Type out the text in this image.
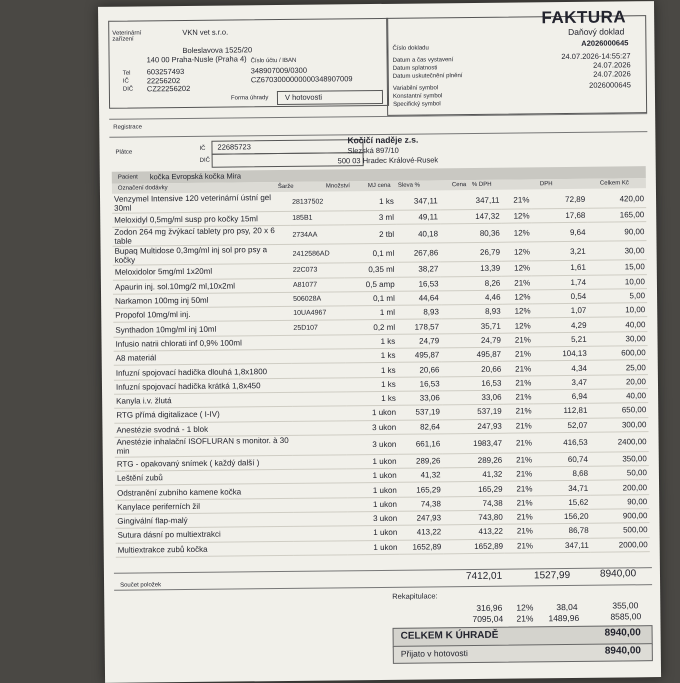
FAKTURA
Daňový doklad
A2026000645
Veterinární zařízení
VKN vet s.r.o.
Boleslavova 1525/20
140 00 Praha-Nusle (Praha 4)
Tel 603257493
IČ 22256202
DIČ CZ22256202
Číslo účtu / IBAN
348907009/0300
CZ6703000000000348907009
Forma úhrady V hotovosti
Číslo dokladu
Datum a čas vystavení	24.07.2026-14:55:27
Datum splatnosti	24.07.2026
Datum uskutečnění plnění	24.07.2026
Variabilní symbol	2026000645
Konstantní symbol
Specifický symbol
Registrace
Plátce
IČ 22685723
DIČ
Kočičí naděje z.s.
Slezská 897/10
500 03 Hradec Králové-Rusek
Pacient kočka Evropská kočka Mira
Označení dodávky	Šarže	Množství	MJ cena Sleva %	Cena % DPH	DPH	Celkem Kč
Venzymel Intensive 120 veterinární ústní gel 30ml	28137502	1 ks	347,11	347,11	21%	72,89	420,00
Meloxidyl 0,5mg/ml susp pro kočky 15ml	185B1	3 ml	49,11	147,32	12%	17,68	165,00
Zodon 264 mg žvýkací tablety pro psy, 20 x 6 table	2734AA	2 tbl	40,18	80,36	12%	9,64	90,00
Bupaq Multidose 0,3mg/ml inj sol pro psy a kočky	2412586AD	0,1 ml	267,86	26,79	12%	3,21	30,00
Meloxidolor 5mg/ml 1x20ml	22C073	0,35 ml	38,27	13,39	12%	1,61	15,00
Apaurin inj. sol.10mg/2 ml,10x2ml	A81077	0,5 amp	16,53	8,26	21%	1,74	10,00
Narkamon 100mg inj 50ml	506028A	0,1 ml	44,64	4,46	12%	0,54	5,00
Propofol 10mg/ml inj.	10UA4967	1 ml	8,93	8,93	12%	1,07	10,00
Synthadon 10mg/ml inj 10ml	25D107	0,2 ml	178,57	35,71	12%	4,29	40,00
Infusio natrii chlorati inf 0,9% 100ml		1 ks	24,79	24,79	21%	5,21	30,00
A8 materiál		1 ks	495,87	495,87	21%	104,13	600,00
Infuzní spojovací hadička dlouhá 1,8x1800		1 ks	20,66	20,66	21%	4,34	25,00
Infuzní spojovací hadička krátká 1,8x450		1 ks	16,53	16,53	21%	3,47	20,00
Kanyla i.v. žlutá		1 ks	33,06	33,06	21%	6,94	40,00
RTG přímá digitalizace ( I-IV)		1 ukon	537,19	537,19	21%	112,81	650,00
Anestézie svodná - 1 blok		3 ukon	82,64	247,93	21%	52,07	300,00
Anestézie inhalační ISOFLURAN s monitor. à 30 min		3 ukon	661,16	1983,47	21%	416,53	2400,00
RTG - opakovaný snímek ( každý další )		1 ukon	289,26	289,26	21%	60,74	350,00
Leštění zubů		1 ukon	41,32	41,32	21%	8,68	50,00
Odstranění zubního kamene kočka		1 ukon	165,29	165,29	21%	34,71	200,00
Kanylace periferních žil		1 ukon	74,38	74,38	21%	15,62	90,00
Gingivální flap-malý		3 ukon	247,93	743,80	21%	156,20	900,00
Sutura dásní po multiextrakci		1 ukon	413,22	413,22	21%	86,78	500,00
Multiextrakce zubů kočka		1 ukon	1652,89	1652,89	21%	347,11	2000,00
Součet položek
7412,01	1527,99	8940,00
Rekapitulace:
316,96 12%	38,04	355,00
7095,04 21% 1489,96	8585,00
CELKEM K ÚHRADĚ	8940,00
Přijato v hotovosti	8940,00
